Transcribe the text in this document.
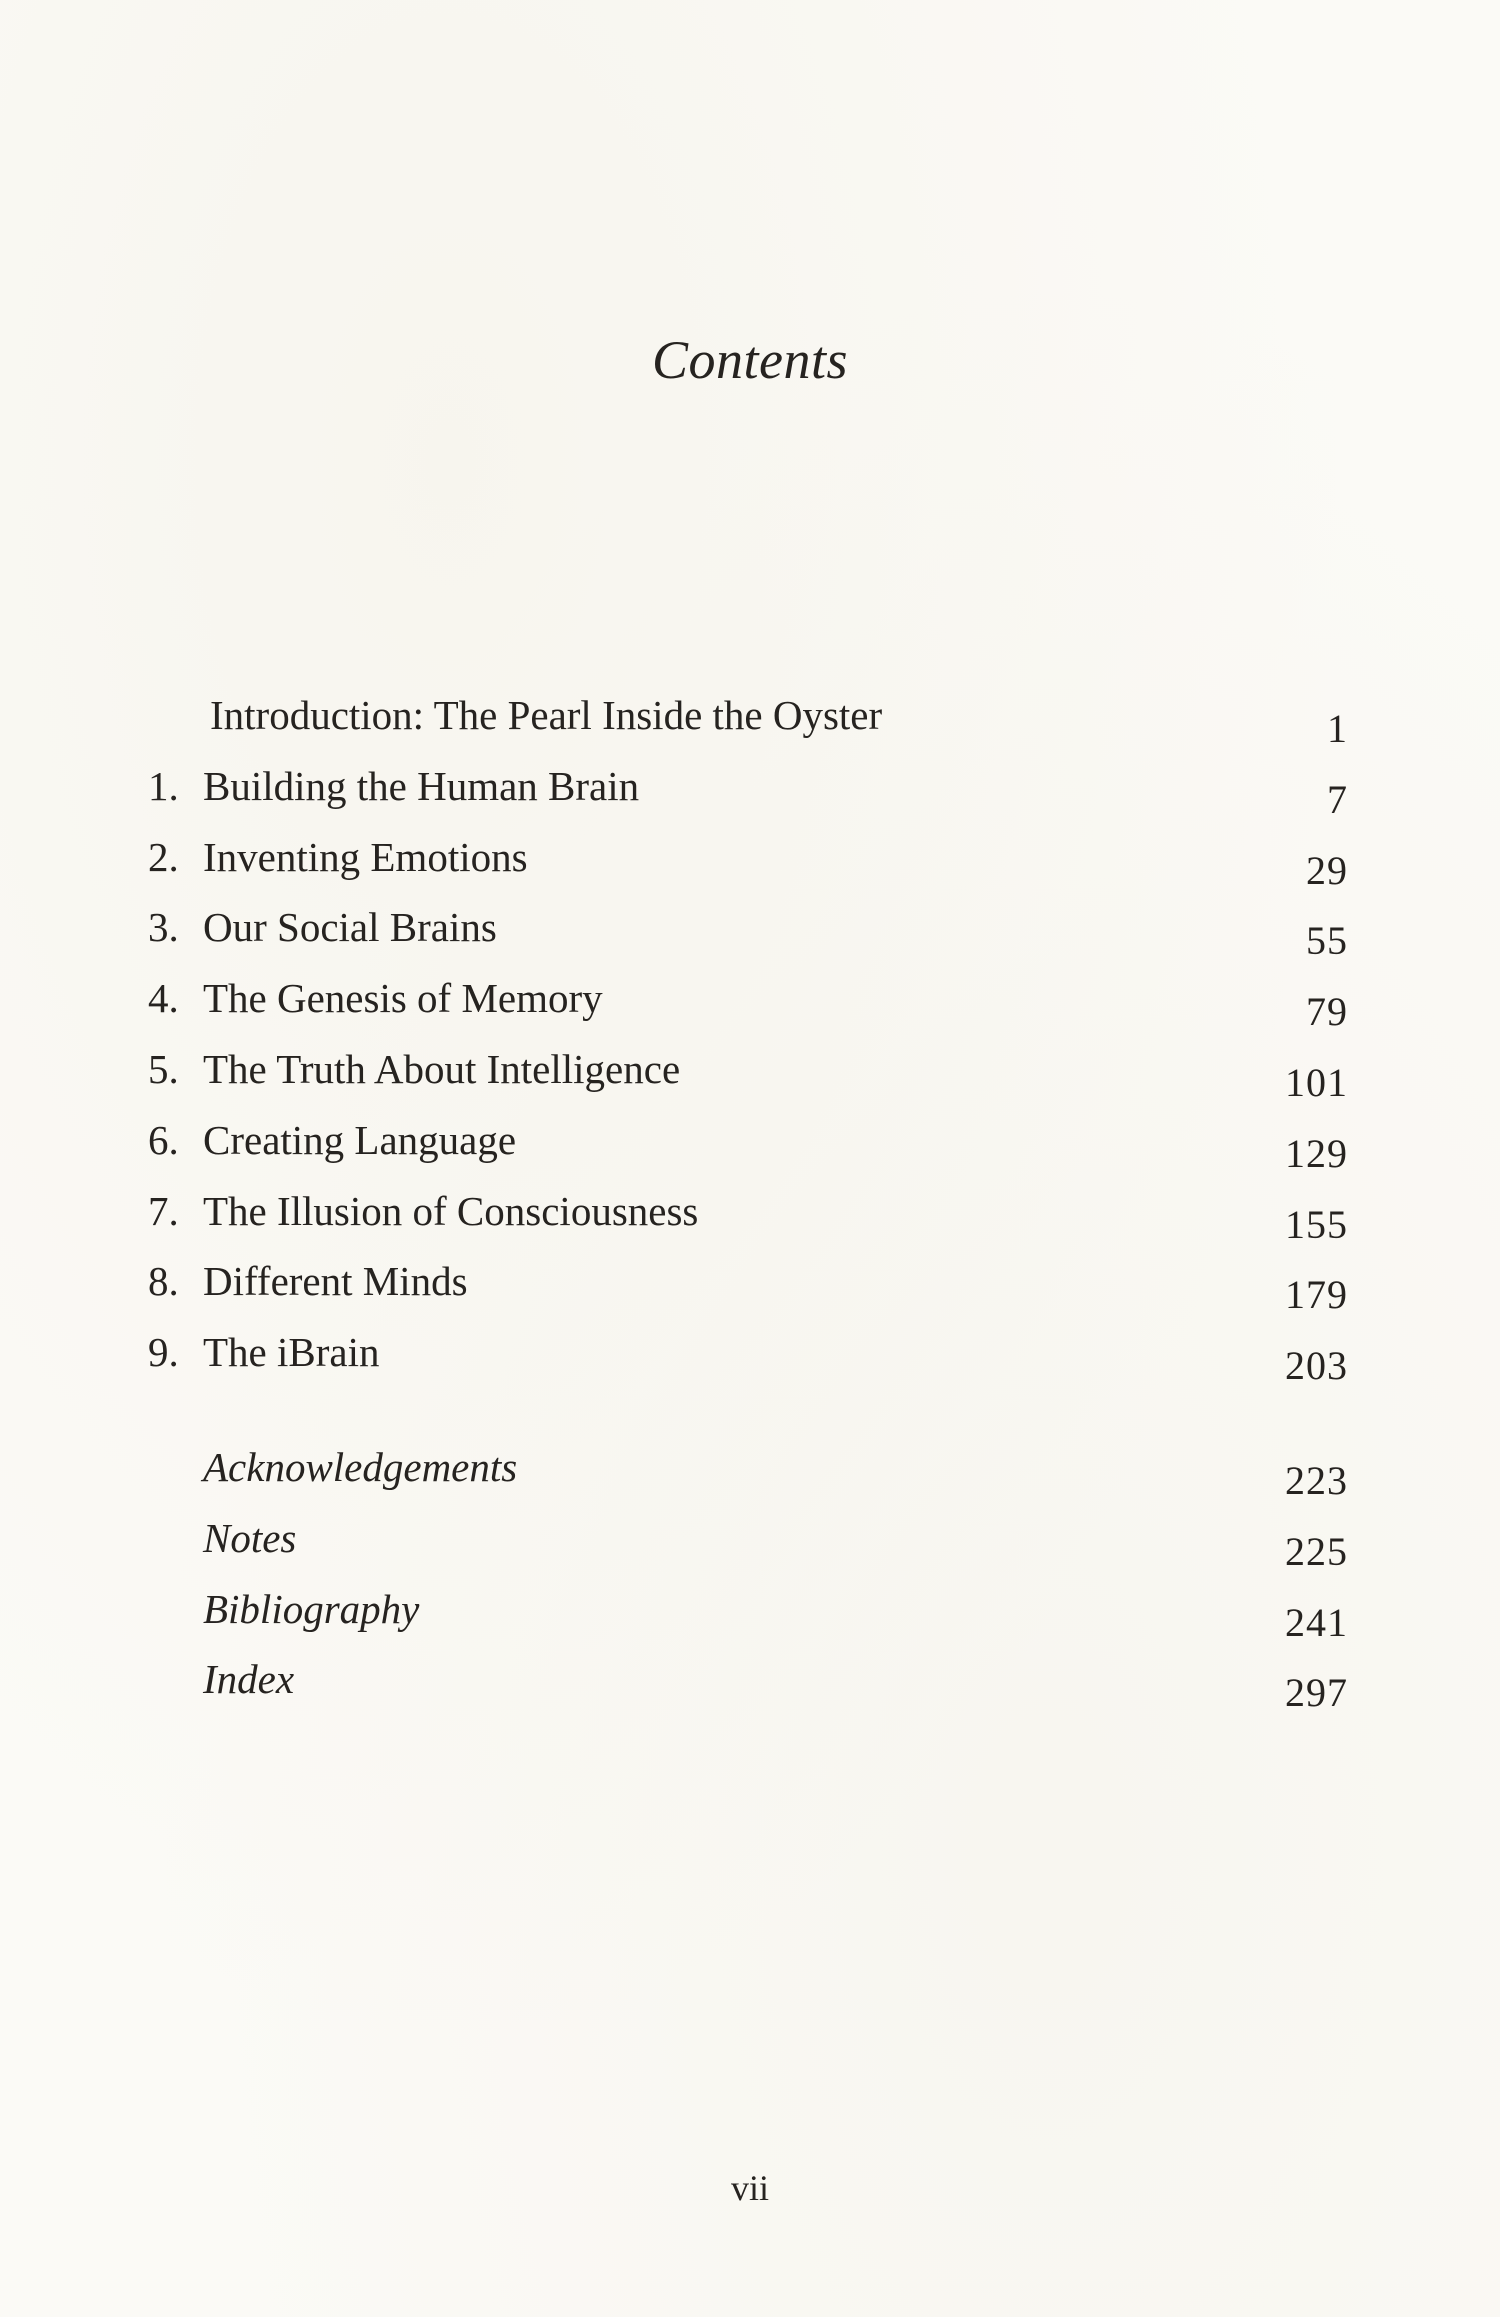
Contents
Introduction: The Pearl Inside the Oyster	1
1. Building the Human Brain	7
2. Inventing Emotions	29
3. Our Social Brains	55
4. The Genesis of Memory	79
5. The Truth About Intelligence	101
6. Creating Language	129
7. The Illusion of Consciousness	155
8. Different Minds	179
9. The iBrain	203
Acknowledgements	223
Notes	225
Bibliography	241
Index	297
vii
